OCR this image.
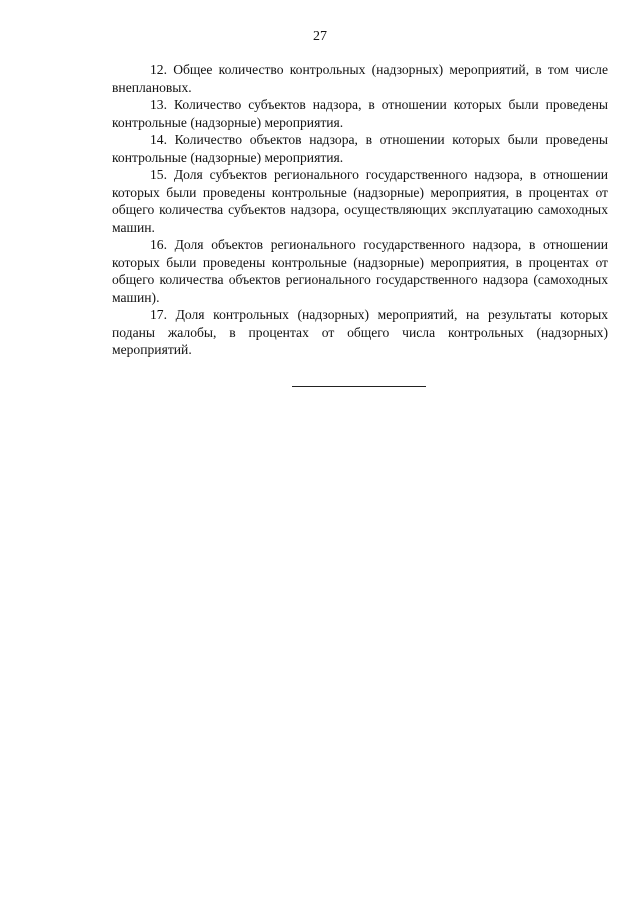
27

12. Общее количество контрольных (надзорных) мероприятий, в том числе внеплановых.

13. Количество субъектов надзора, в отношении которых были проведены контрольные (надзорные) мероприятия.

14. Количество объектов надзора, в отношении которых были проведены контрольные (надзорные) мероприятия.

15. Доля субъектов регионального государственного надзора, в отношении которых были проведены контрольные (надзорные) мероприятия, в процентах от общего количества субъектов надзора, осуществляющих эксплуатацию самоходных машин.

16. Доля объектов регионального государственного надзора, в отношении которых были проведены контрольные (надзорные) мероприятия, в процентах от общего количества объектов регионального государственного надзора (самоходных машин).

17. Доля контрольных (надзорных) мероприятий, на результаты которых поданы жалобы, в процентах от общего числа контрольных (надзорных) мероприятий.
